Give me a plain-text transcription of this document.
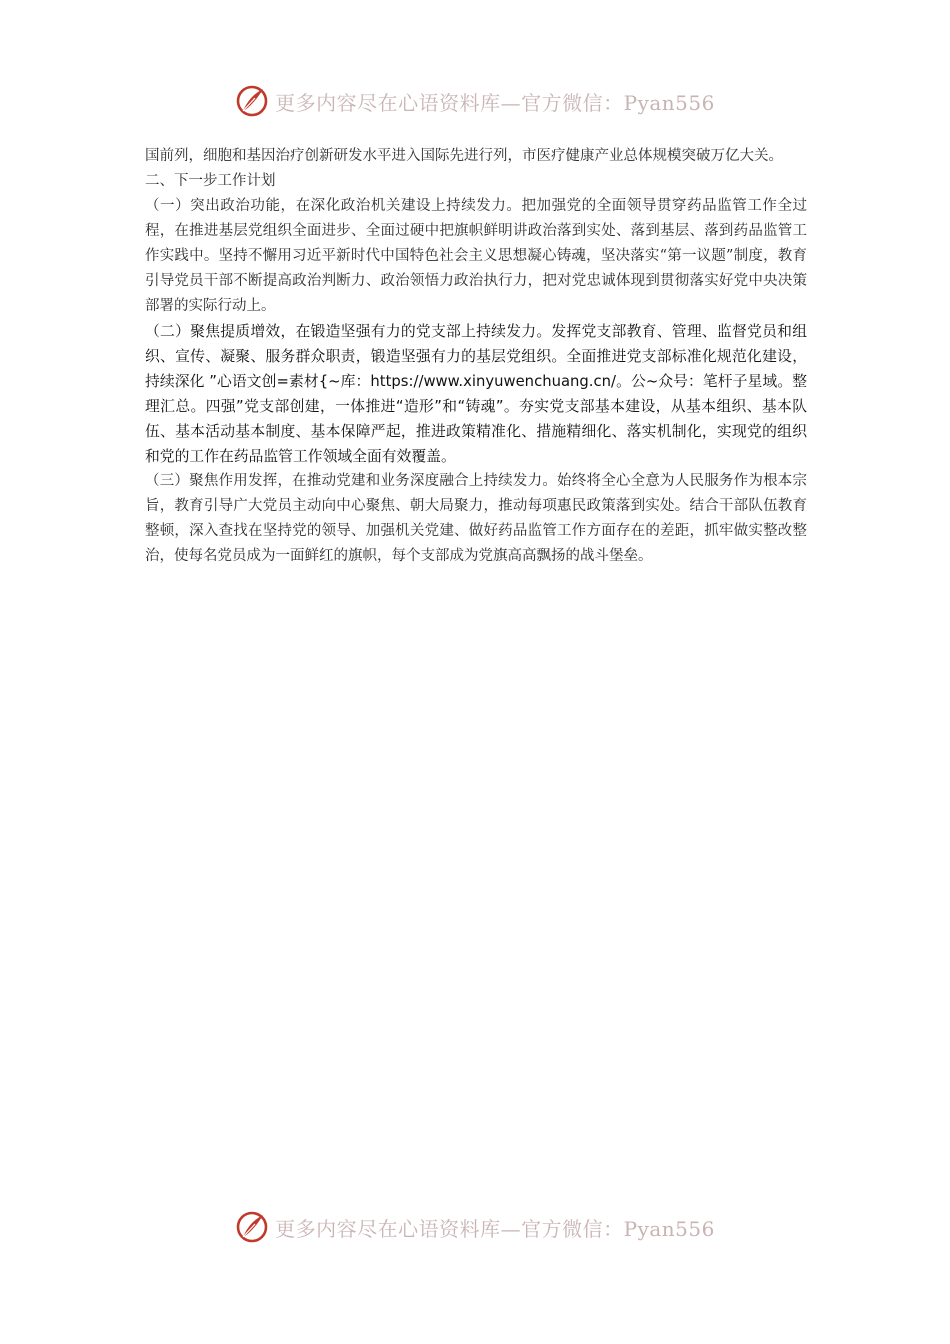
更多内容尽在心语资料库—官方微信：Pyan556

国前列，细胞和基因治疗创新研发水平进入国际先进行列，市医疗健康产业总体规模突破万亿大关。

二、下一步工作计划

（一）突出政治功能，在深化政治机关建设上持续发力。把加强党的全面领导贯穿药品监管工作全过程，在推进基层党组织全面进步、全面过硬中把旗帜鲜明讲政治落到实处、落到基层、落到药品监管工作实践中。坚持不懈用习近平新时代中国特色社会主义思想凝心铸魂，坚决落实“第一议题”制度，教育引导党员干部不断提高政治判断力、政治领悟力政治执行力，把对党忠诚体现到贯彻落实好党中央决策部署的实际行动上。

（二）聚焦提质增效，在锻造坚强有力的党支部上持续发力。发挥党支部教育、管理、监督党员和组织、宣传、凝聚、服务群众职责，锻造坚强有力的基层党组织。全面推进党支部标准化规范化建设，持续深化 ”心语文创=素材{~库：https://www.xinyuwenchuang.cn/。公~众号：笔杆子星域。整理汇总。四强”党支部创建，一体推进“造形”和“铸魂”。夯实党支部基本建设，从基本组织、基本队伍、基本活动基本制度、基本保障严起，推进政策精准化、措施精细化、落实机制化，实现党的组织和党的工作在药品监管工作领域全面有效覆盖。

（三）聚焦作用发挥，在推动党建和业务深度融合上持续发力。始终将全心全意为人民服务作为根本宗旨，教育引导广大党员主动向中心聚焦、朝大局聚力，推动每项惠民政策落到实处。结合干部队伍教育整顿，深入查找在坚持党的领导、加强机关党建、做好药品监管工作方面存在的差距，抓牢做实整改整治，使每名党员成为一面鲜红的旗帜，每个支部成为党旗高高飘扬的战斗堡垒。

更多内容尽在心语资料库—官方微信：Pyan556
